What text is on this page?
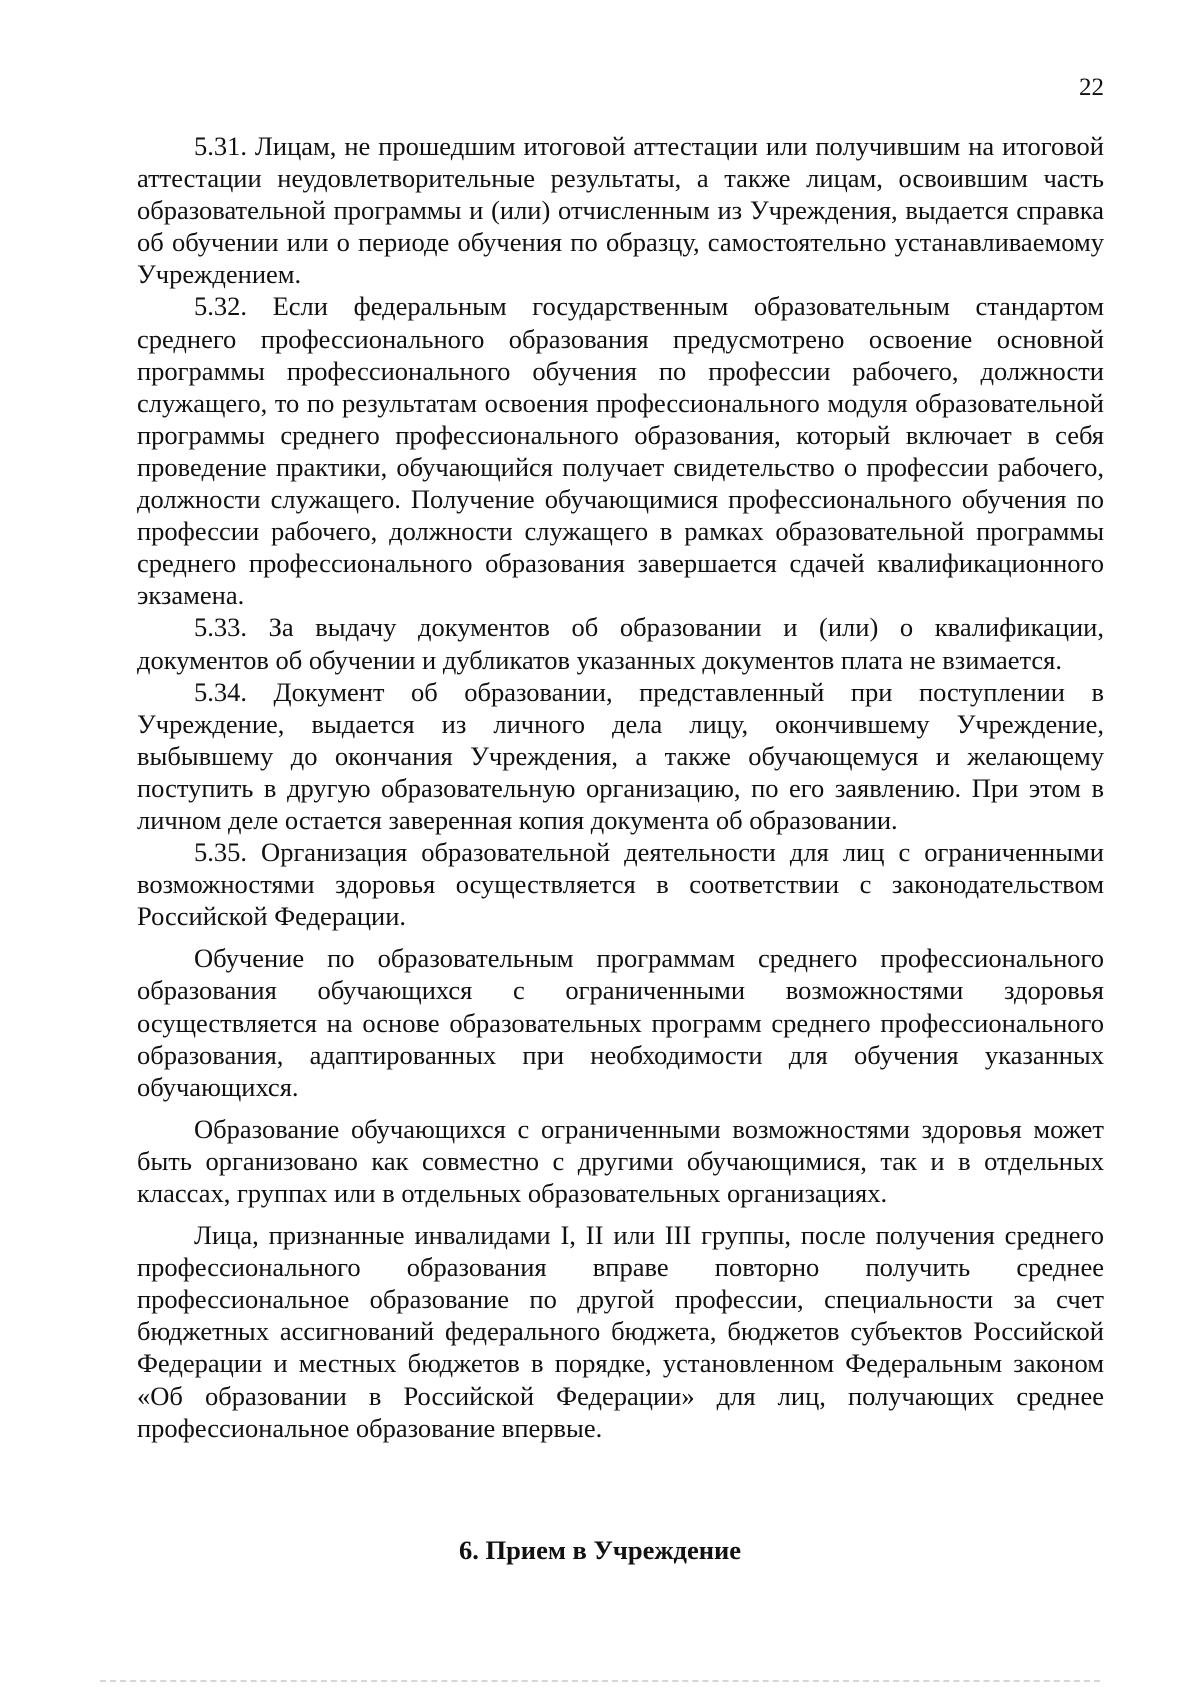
22

5.31. Лицам, не прошедшим итоговой аттестации или получившим на итоговой аттестации неудовлетворительные результаты, а также лицам, освоившим часть образовательной программы и (или) отчисленным из Учреждения, выдается справка об обучении или о периоде обучения по образцу, самостоятельно устанавливаемому Учреждением.

5.32. Если федеральным государственным образовательным стандартом среднего профессионального образования предусмотрено освоение основной программы профессионального обучения по профессии рабочего, должности служащего, то по результатам освоения профессионального модуля образовательной программы среднего профессионального образования, который включает в себя проведение практики, обучающийся получает свидетельство о профессии рабочего, должности служащего. Получение обучающимися профессионального обучения по профессии рабочего, должности служащего в рамках образовательной программы среднего профессионального образования завершается сдачей квалификационного экзамена.

5.33. За выдачу документов об образовании и (или) о квалификации, документов об обучении и дубликатов указанных документов плата не взимается.

5.34. Документ об образовании, представленный при поступлении в Учреждение, выдается из личного дела лицу, окончившему Учреждение, выбывшему до окончания Учреждения, а также обучающемуся и желающему поступить в другую образовательную организацию, по его заявлению. При этом в личном деле остается заверенная копия документа об образовании.

5.35. Организация образовательной деятельности для лиц с ограниченными возможностями здоровья осуществляется в соответствии с законодательством Российской Федерации.

Обучение по образовательным программам среднего профессионального образования обучающихся с ограниченными возможностями здоровья осуществляется на основе образовательных программ среднего профессионального образования, адаптированных при необходимости для обучения указанных обучающихся.

Образование обучающихся с ограниченными возможностями здоровья может быть организовано как совместно с другими обучающимися, так и в отдельных классах, группах или в отдельных образовательных организациях.

Лица, признанные инвалидами I, II или III группы, после получения среднего профессионального образования вправе повторно получить среднее профессиональное образование по другой профессии, специальности за счет бюджетных ассигнований федерального бюджета, бюджетов субъектов Российской Федерации и местных бюджетов в порядке, установленном Федеральным законом «Об образовании в Российской Федерации» для лиц, получающих среднее профессиональное образование впервые.

6. Прием в Учреждение
